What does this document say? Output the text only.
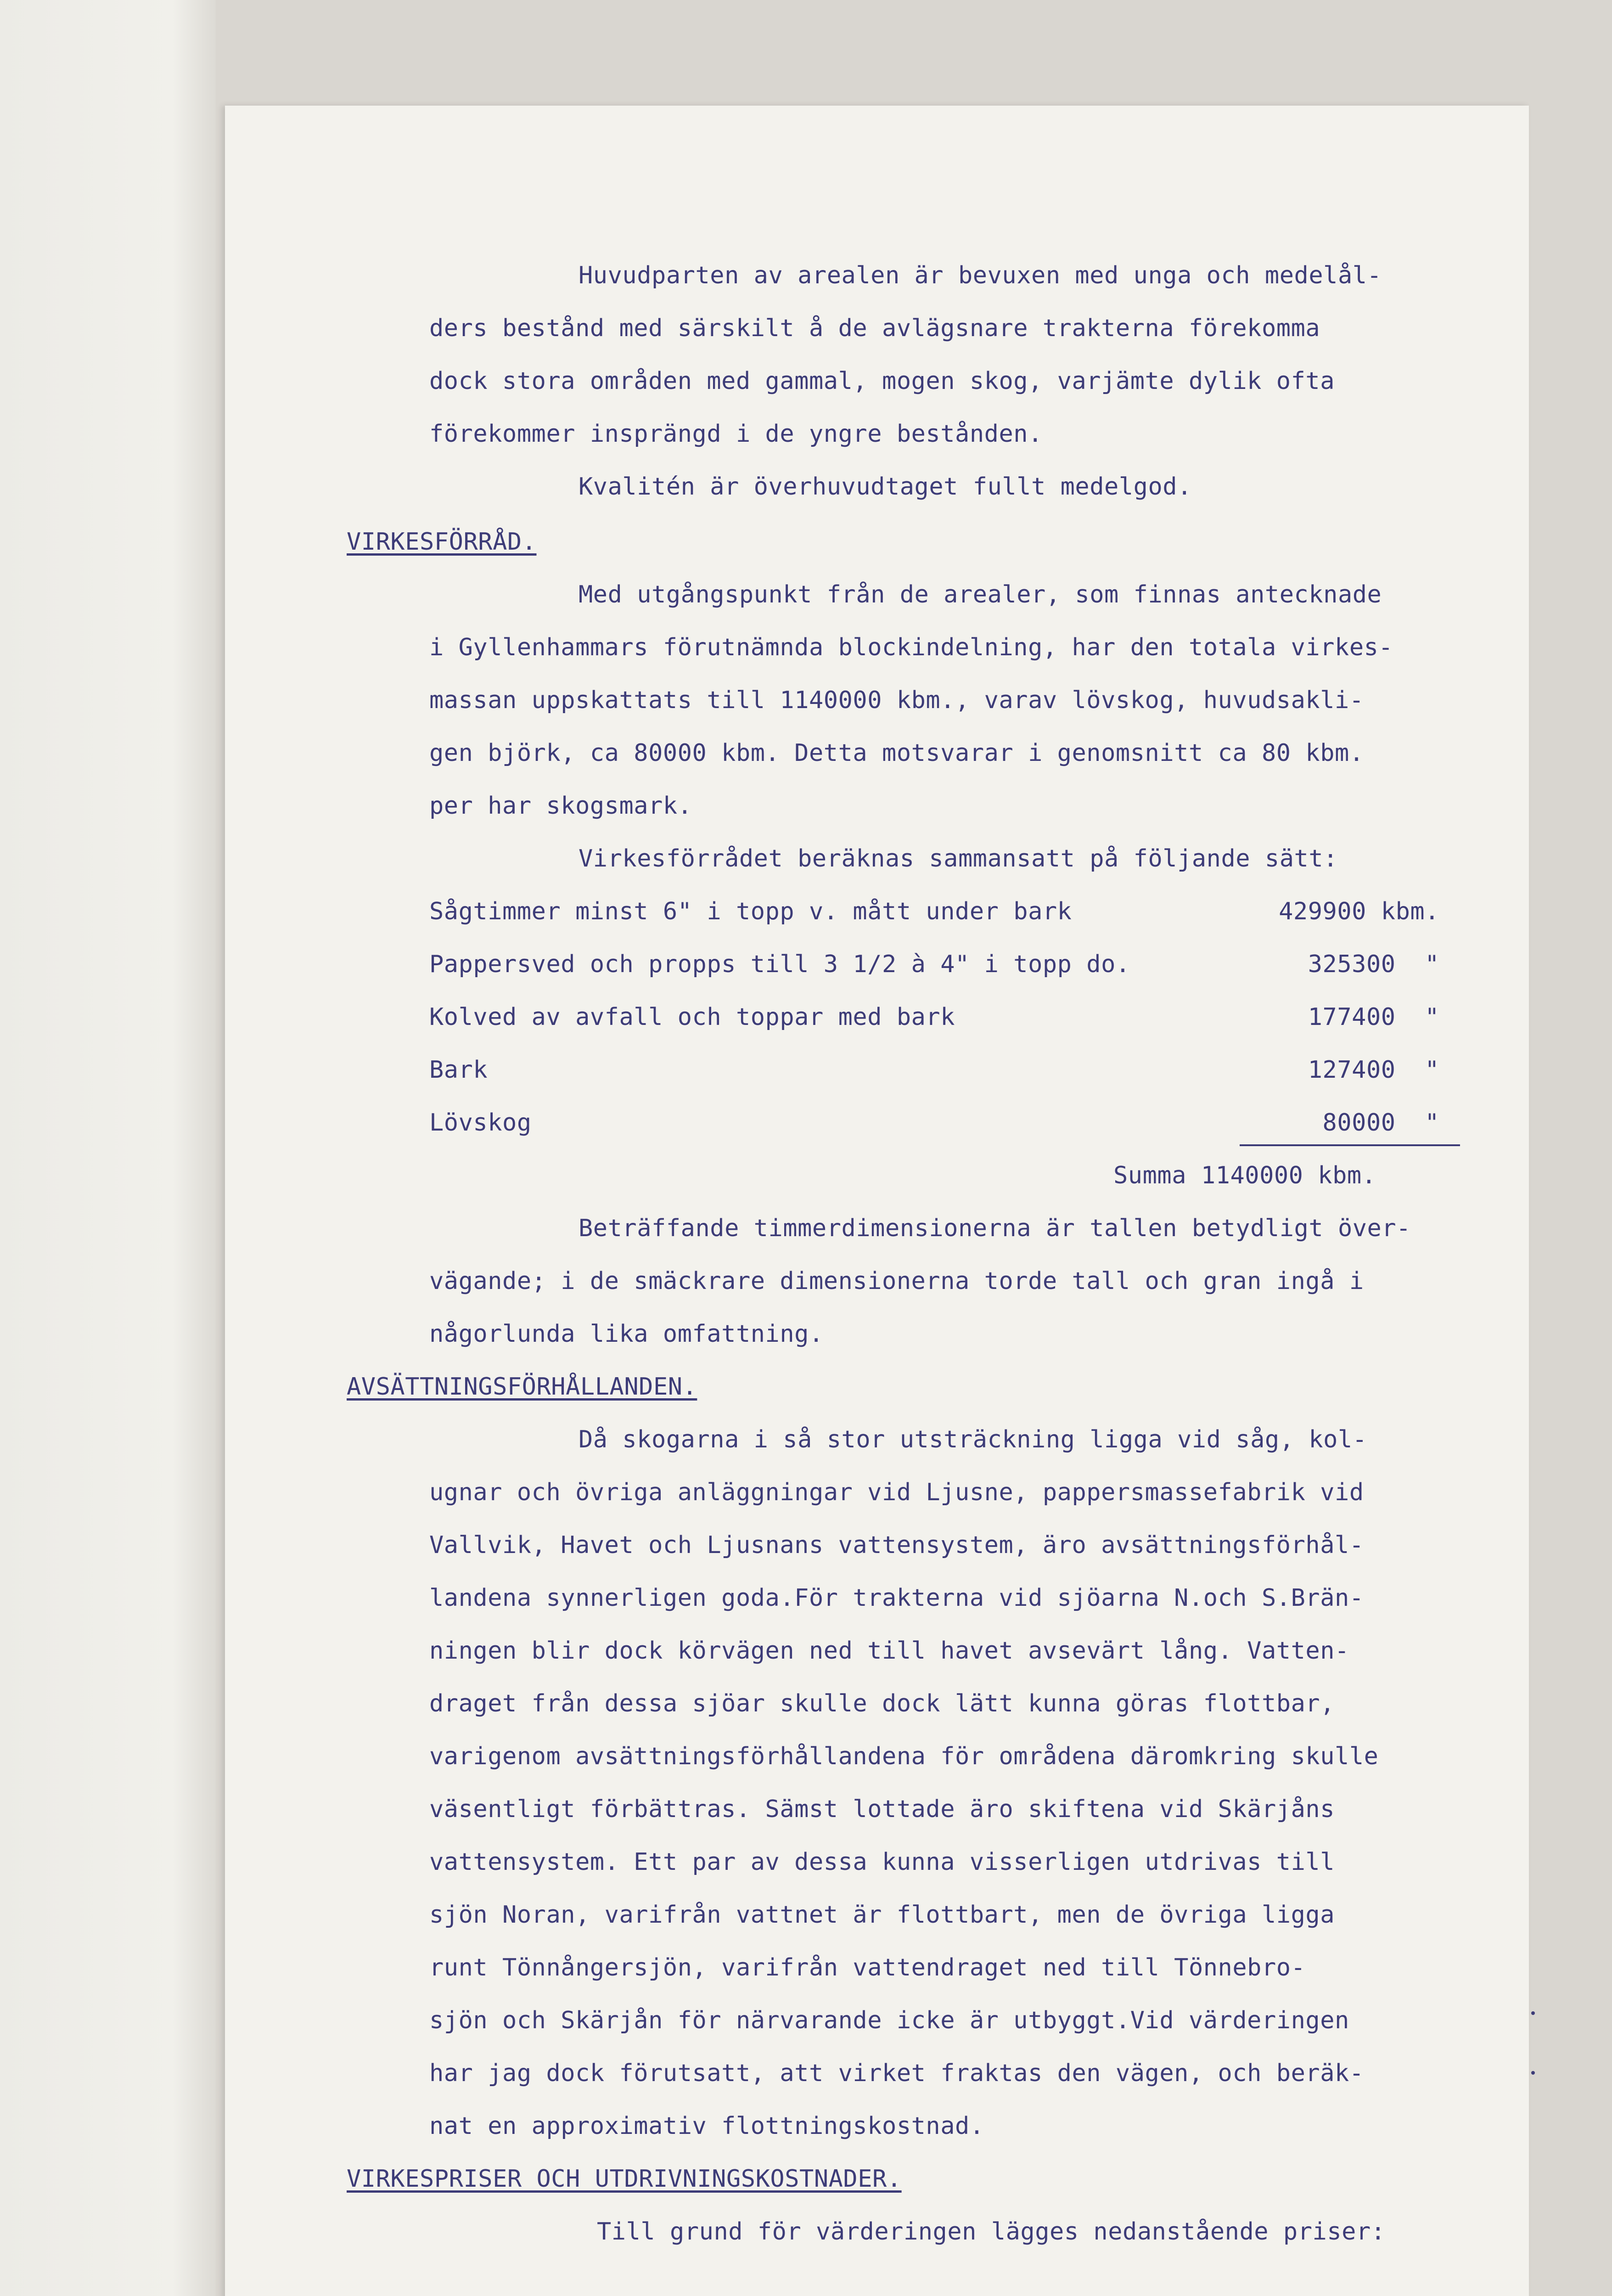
Huvudparten av arealen är bevuxen med unga och medelål-
ders bestånd med särskilt å de avlägsnare trakterna förekomma
dock stora områden med gammal, mogen skog, varjämte dylik ofta
förekommer insprängd i de yngre bestånden.
Kvalitén är överhuvudtaget fullt medelgod.
VIRKESFÖRRÅD.
Med utgångspunkt från de arealer, som finnas antecknade
i Gyllenhammars förutnämnda blockindelning, har den totala virkes-
massan uppskattats till 1140000 kbm., varav lövskog, huvudsakli-
gen björk, ca 80000 kbm. Detta motsvarar i genomsnitt ca 80 kbm.
per har skogsmark.
Virkesförrådet beräknas sammansatt på följande sätt:
Sågtimmer minst 6" i topp v. mått under bark	429900 kbm.
Pappersved och propps till 3 1/2 à 4" i topp do.	325300  "
Kolved av avfall och toppar med bark	177400  "
Bark	127400  "
Lövskog	80000  "
Summa 1140000 kbm.
Beträffande timmerdimensionerna är tallen betydligt över-
vägande; i de smäckrare dimensionerna torde tall och gran ingå i
någorlunda lika omfattning.
AVSÄTTNINGSFÖRHÅLLANDEN.
Då skogarna i så stor utsträckning ligga vid såg, kol-
ugnar och övriga anläggningar vid Ljusne, pappersmassefabrik vid
Vallvik, Havet och Ljusnans vattensystem, äro avsättningsförhål-
landena synnerligen goda.För trakterna vid sjöarna N.och S.Brän-
ningen blir dock körvägen ned till havet avsevärt lång. Vatten-
draget från dessa sjöar skulle dock lätt kunna göras flottbar,
varigenom avsättningsförhållandena för områdena däromkring skulle
väsentligt förbättras. Sämst lottade äro skiftena vid Skärjåns
vattensystem. Ett par av dessa kunna visserligen utdrivas till
sjön Noran, varifrån vattnet är flottbart, men de övriga ligga
runt Tönnångersjön, varifrån vattendraget ned till Tönnebro-
sjön och Skärjån för närvarande icke är utbyggt.Vid värderingen
har jag dock förutsatt, att virket fraktas den vägen, och beräk-
nat en approximativ flottningskostnad.
VIRKESPRISER OCH UTDRIVNINGSKOSTNADER.
Till grund för värderingen lägges nedanstående priser:
